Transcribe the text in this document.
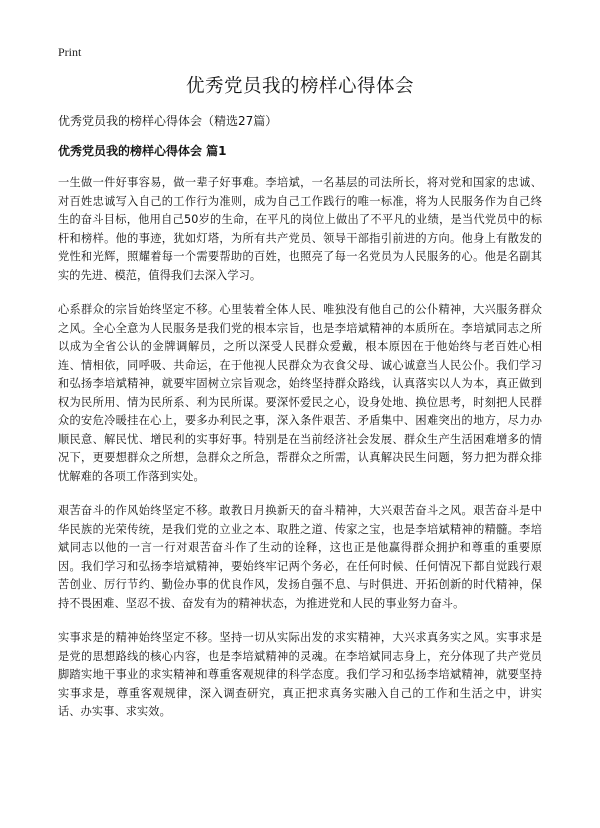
Print
优秀党员我的榜样心得体会
优秀党员我的榜样心得体会（精选27篇）
优秀党员我的榜样心得体会 篇1

一生做一件好事容易，做一辈子好事难。李培斌，一名基层的司法所长，将对党和国家的忠诚、对百姓忠诚写入自己的工作行为准则，成为自己工作践行的唯一标准，将为人民服务作为自己终生的奋斗目标，他用自己50岁的生命，在平凡的岗位上做出了不平凡的业绩，是当代党员中的标杆和榜样。他的事迹，犹如灯塔，为所有共产党员、领导干部指引前进的方向。他身上有散发的党性和光辉，照耀着每一个需要帮助的百姓，也照亮了每一名党员为人民服务的心。他是名副其实的先进、模范，值得我们去深入学习。

心系群众的宗旨始终坚定不移。心里装着全体人民、唯独没有他自己的公仆精神，大兴服务群众之风。全心全意为人民服务是我们党的根本宗旨，也是李培斌精神的本质所在。李培斌同志之所以成为全省公认的金牌调解员，之所以深受人民群众爱戴，根本原因在于他始终与老百姓心相连、情相依，同呼吸、共命运，在于他视人民群众为衣食父母、诚心诚意当人民公仆。我们学习和弘扬李培斌精神，就要牢固树立宗旨观念，始终坚持群众路线，认真落实以人为本，真正做到权为民所用、情为民所系、利为民所谋。要深怀爱民之心，设身处地、换位思考，时刻把人民群众的安危冷暖挂在心上，要多办利民之事，深入条件艰苦、矛盾集中、困难突出的地方，尽力办顺民意、解民忧、增民利的实事好事。特别是在当前经济社会发展、群众生产生活困难增多的情况下，更要想群众之所想，急群众之所急，帮群众之所需，认真解决民生问题，努力把为群众排忧解难的各项工作落到实处。

艰苦奋斗的作风始终坚定不移。敢教日月换新天的奋斗精神，大兴艰苦奋斗之风。艰苦奋斗是中华民族的光荣传统，是我们党的立业之本、取胜之道、传家之宝，也是李培斌精神的精髓。李培斌同志以他的一言一行对艰苦奋斗作了生动的诠释，这也正是他赢得群众拥护和尊重的重要原因。我们学习和弘扬李培斌精神，要始终牢记两个务必，在任何时候、任何情况下都自觉践行艰苦创业、厉行节约、勤俭办事的优良作风，发扬自强不息、与时俱进、开拓创新的时代精神，保持不畏困难、坚忍不拔、奋发有为的精神状态，为推进党和人民的事业努力奋斗。

实事求是的精神始终坚定不移。坚持一切从实际出发的求实精神，大兴求真务实之风。实事求是是党的思想路线的核心内容，也是李培斌精神的灵魂。在李培斌同志身上，充分体现了共产党员脚踏实地干事业的求实精神和尊重客观规律的科学态度。我们学习和弘扬李培斌精神，就要坚持实事求是，尊重客观规律，深入调查研究，真正把求真务实融入自己的工作和生活之中，讲实话、办实事、求实效。
